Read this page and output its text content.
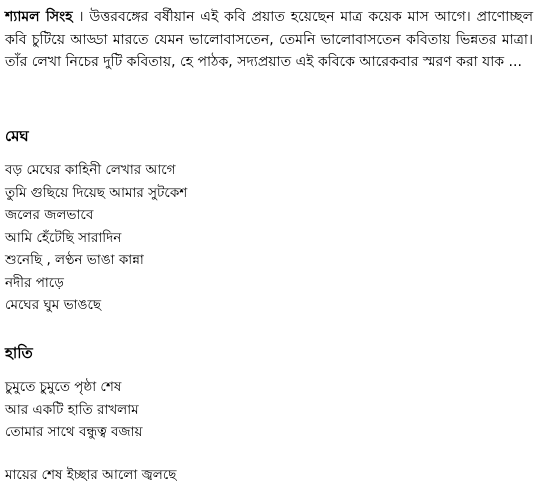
শ্যামল সিংহ । উত্তরবঙ্গের বর্ষীয়ান এই কবি প্রয়াত হয়েছেন মাত্র কয়েক মাস আগে। প্রাণোচ্ছল কবি চুটিয়ে আড্ডা মারতে যেমন ভালোবাসতেন, তেমনি ভালোবাসতেন কবিতায় ভিন্নতর মাত্রা। তাঁর লেখা নিচের দুটি কবিতায়, হে পাঠক, সদ্যপ্রয়াত এই কবিকে আরেকবার স্মরণ করা যাক ...

মেঘ
বড় মেঘের কাহিনী লেখার আগে
তুমি গুছিয়ে দিয়েছ আমার সুটকেশ
জলের জলভাবে
আমি হেঁটেছি সারাদিন
শুনেছি , লণ্ঠন ভাঙা কান্না
নদীর পাড়ে
মেঘের ঘুম ভাঙছে
হাতি
চুমুতে চুমুতে পৃষ্ঠা শেষ
আর একটি হাতি রাখলাম
তোমার সাথে বন্ধুত্ব বজায়
মায়ের শেষ ইচ্ছার আলো জ্বলছে
